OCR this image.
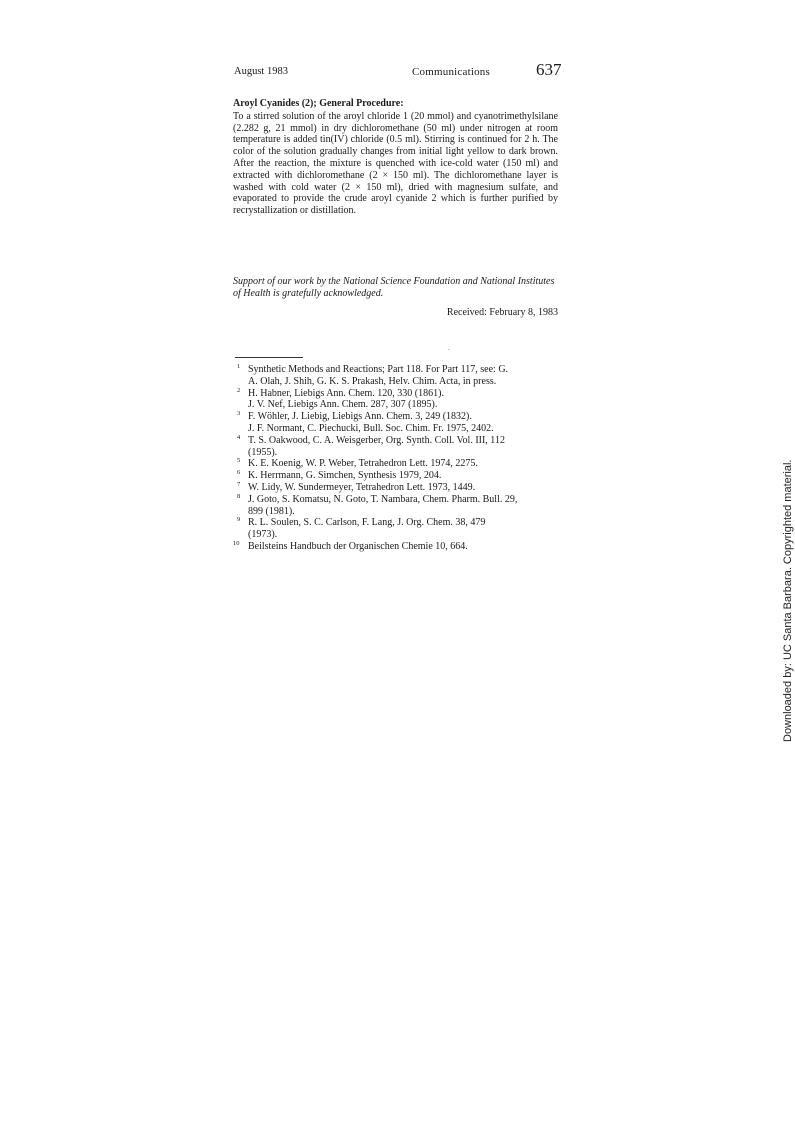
August 1983	Communications	637
Aroyl Cyanides (2); General Procedure:

To a stirred solution of the aroyl chloride 1 (20 mmol) and cyanotrimethylsilane (2.282 g, 21 mmol) in dry dichloromethane (50 ml) under nitrogen at room temperature is added tin(IV) chloride (0.5 ml). Stirring is continued for 2 h. The color of the solution gradually changes from initial light yellow to dark brown. After the reaction, the mixture is quenched with ice-cold water (150 ml) and extracted with dichloromethane (2 × 150 ml). The dichloromethane layer is washed with cold water (2 × 150 ml), dried with magnesium sulfate, and evaporated to provide the crude aroyl cyanide 2 which is further purified by recrystallization or distillation.

Support of our work by the National Science Foundation and National Institutes of Health is gratefully acknowledged.
Received: February 8, 1983
1 Synthetic Methods and Reactions; Part 118. For Part 117, see: G.
A. Olah, J. Shih, G. K. S. Prakash, Helv. Chim. Acta, in press.
2 H. Habner, Liebigs Ann. Chem. 120, 330 (1861).
J. V. Nef, Liebigs Ann. Chem. 287, 307 (1895).
3 F. Wöhler, J. Liebig, Liebigs Ann. Chem. 3, 249 (1832).
J. F. Normant, C. Piechucki, Bull. Soc. Chim. Fr. 1975, 2402.
4 T. S. Oakwood, C. A. Weisgerber, Org. Synth. Coll. Vol. III, 112
(1955).
5 K. E. Koenig, W. P. Weber, Tetrahedron Lett. 1974, 2275.
6 K. Herrmann, G. Simchen, Synthesis 1979, 204.
7 W. Lidy, W. Sundermeyer, Tetrahedron Lett. 1973, 1449.
8 J. Goto, S. Komatsu, N. Goto, T. Nambara, Chem. Pharm. Bull. 29,
899 (1981).
9 R. L. Soulen, S. C. Carlson, F. Lang, J. Org. Chem. 38, 479
(1973).
10 Beilsteins Handbuch der Organischen Chemie 10, 664.	Downloaded by: UC Santa Barbara. Copyrighted material.
